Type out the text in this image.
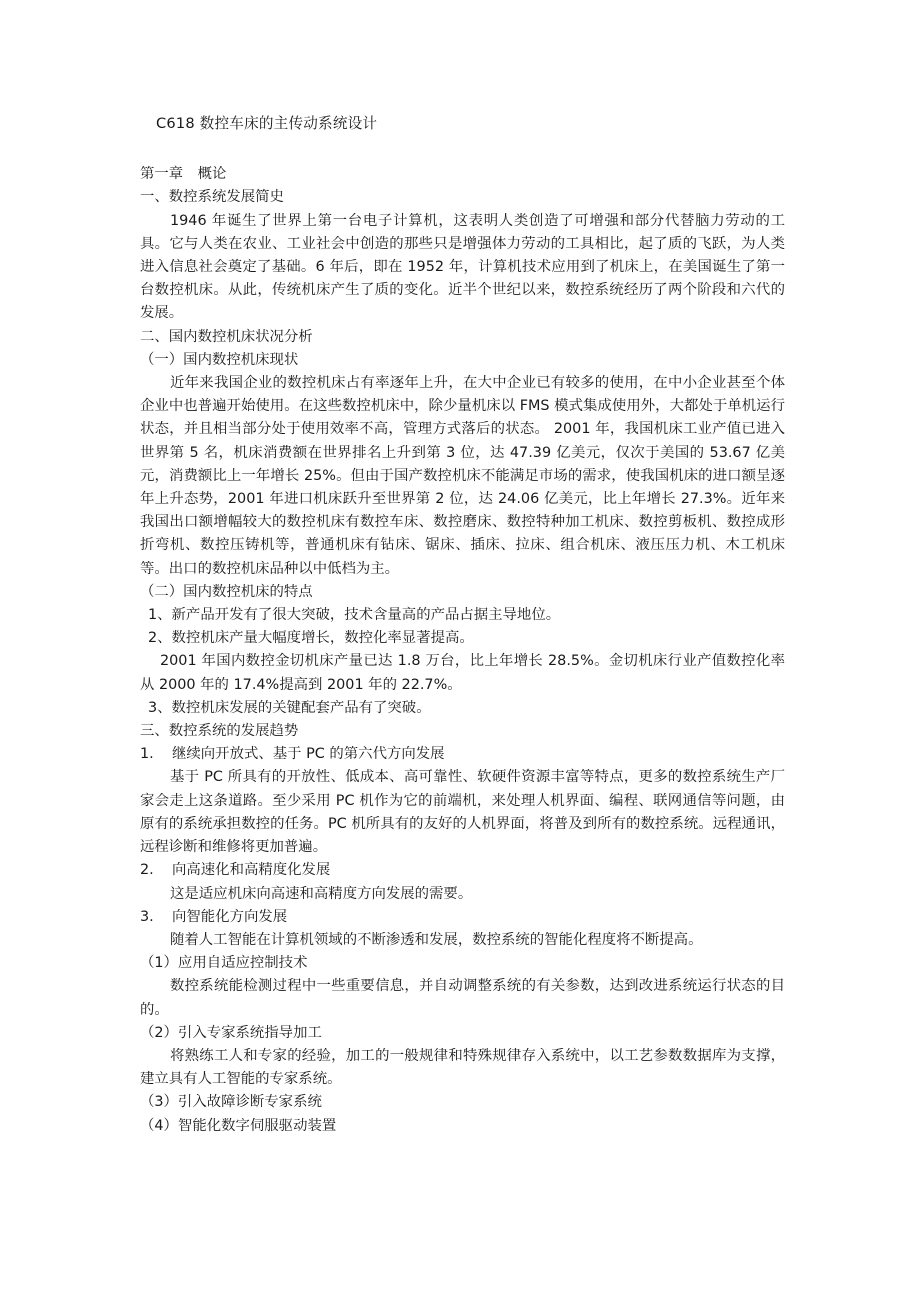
C618 数控车床的主传动系统设计
第一章　概论
一、数控系统发展简史
1946 年诞生了世界上第一台电子计算机，这表明人类创造了可增强和部分代替脑力劳动的工具。它与人类在农业、工业社会中创造的那些只是增强体力劳动的工具相比，起了质的飞跃，为人类进入信息社会奠定了基础。6 年后，即在 1952 年，计算机技术应用到了机床上，在美国诞生了第一台数控机床。从此，传统机床产生了质的变化。近半个世纪以来，数控系统经历了两个阶段和六代的发展。
二、国内数控机床状况分析
（一）国内数控机床现状
近年来我国企业的数控机床占有率逐年上升，在大中企业已有较多的使用，在中小企业甚至个体企业中也普遍开始使用。在这些数控机床中，除少量机床以 FMS 模式集成使用外，大都处于单机运行状态，并且相当部分处于使用效率不高，管理方式落后的状态。 2001 年，我国机床工业产值已进入世界第 5 名，机床消费额在世界排名上升到第 3 位，达 47.39 亿美元，仅次于美国的 53.67 亿美元，消费额比上一年增长 25%。但由于国产数控机床不能满足市场的需求，使我国机床的进口额呈逐年上升态势，2001 年进口机床跃升至世界第 2 位，达 24.06 亿美元，比上年增长 27.3%。近年来我国出口额增幅较大的数控机床有数控车床、数控磨床、数控特种加工机床、数控剪板机、数控成形折弯机、数控压铸机等，普通机床有钻床、锯床、插床、拉床、组合机床、液压压力机、木工机床等。出口的数控机床品种以中低档为主。
（二）国内数控机床的特点
1、新产品开发有了很大突破，技术含量高的产品占据主导地位。
2、数控机床产量大幅度增长，数控化率显著提高。
2001 年国内数控金切机床产量已达 1.8 万台，比上年增长 28.5%。金切机床行业产值数控化率 从 2000 年的 17.4%提高到 2001 年的 22.7%。
3、数控机床发展的关键配套产品有了突破。
三、数控系统的发展趋势
1. 继续向开放式、基于 PC 的第六代方向发展
基于 PC 所具有的开放性、低成本、高可靠性、软硬件资源丰富等特点，更多的数控系统生产厂家会走上这条道路。至少采用 PC 机作为它的前端机，来处理人机界面、编程、联网通信等问题，由原有的系统承担数控的任务。PC 机所具有的友好的人机界面，将普及到所有的数控系统。远程通讯，远程诊断和维修将更加普遍。
2. 向高速化和高精度化发展
这是适应机床向高速和高精度方向发展的需要。
3. 向智能化方向发展
随着人工智能在计算机领域的不断渗透和发展，数控系统的智能化程度将不断提高。
（1）应用自适应控制技术
数控系统能检测过程中一些重要信息，并自动调整系统的有关参数，达到改进系统运行状态的目的。
（2）引入专家系统指导加工
将熟练工人和专家的经验，加工的一般规律和特殊规律存入系统中，以工艺参数数据库为支撑，建立具有人工智能的专家系统。
（3）引入故障诊断专家系统
（4）智能化数字伺服驱动装置
